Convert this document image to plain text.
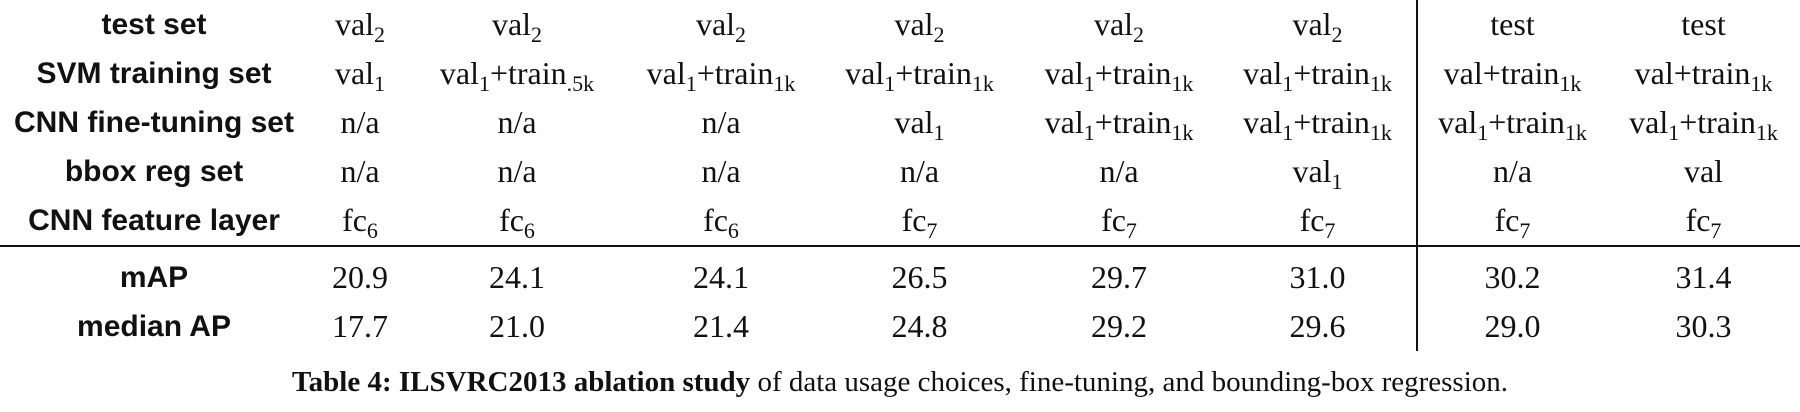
test set	val$_2$	val$_2$	val$_2$	val$_2$	val$_2$	val$_2$	test	test
SVM training set	val$_1$	val$_1$+train$_{.5k}$	val$_1$+train$_{1k}$	val$_1$+train$_{1k}$	val$_1$+train$_{1k}$	val$_1$+train$_{1k}$	val+train$_{1k}$	val+train$_{1k}$
CNN fine-tuning set	n/a	n/a	n/a	val$_1$	val$_1$+train$_{1k}$	val$_1$+train$_{1k}$	val$_1$+train$_{1k}$	val$_1$+train$_{1k}$
bbox reg set	n/a	n/a	n/a	n/a	n/a	val$_1$	n/a	val
CNN feature layer	$fc_6$	$fc_6$	$fc_6$	$fc_7$	$fc_7$	$fc_7$	$fc_7$	$fc_7$
mAP	20.9	24.1	24.1	26.5	29.7	31.0	30.2	31.4
median AP	17.7	21.0	21.4	24.8	29.2	29.6	29.0	30.3
Table 4: ILSVRC2013 ablation study of data usage choices, fine-tuning, and bounding-box regression.
